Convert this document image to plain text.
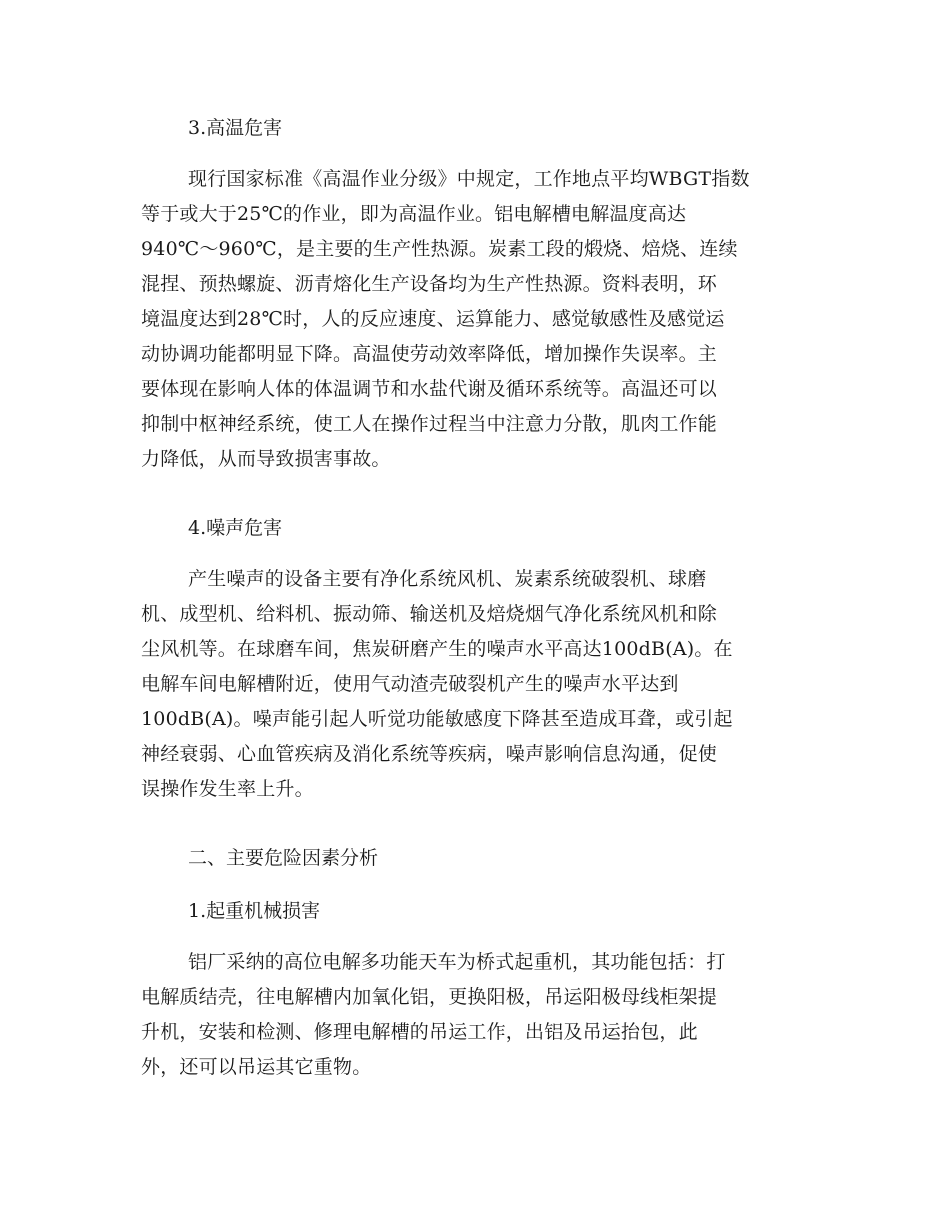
3.高温危害
现行国家标准《高温作业分级》中规定，工作地点平均WBGT指数
等于或大于25℃的作业，即为高温作业。铝电解槽电解温度高达
940℃～960℃，是主要的生产性热源。炭素工段的煅烧、焙烧、连续
混捏、预热螺旋、沥青熔化生产设备均为生产性热源。资料表明，环
境温度达到28℃时，人的反应速度、运算能力、感觉敏感性及感觉运
动协调功能都明显下降。高温使劳动效率降低，增加操作失误率。主
要体现在影响人体的体温调节和水盐代谢及循环系统等。高温还可以
抑制中枢神经系统，使工人在操作过程当中注意力分散，肌肉工作能
力降低，从而导致损害事故。
4.噪声危害
产生噪声的设备主要有净化系统风机、炭素系统破裂机、球磨
机、成型机、给料机、振动筛、输送机及焙烧烟气净化系统风机和除
尘风机等。在球磨车间，焦炭研磨产生的噪声水平高达100dB(A)。在
电解车间电解槽附近，使用气动渣壳破裂机产生的噪声水平达到
100dB(A)。噪声能引起人听觉功能敏感度下降甚至造成耳聋，或引起
神经衰弱、心血管疾病及消化系统等疾病，噪声影响信息沟通，促使
误操作发生率上升。
二、主要危险因素分析
1.起重机械损害
铝厂采纳的高位电解多功能天车为桥式起重机，其功能包括：打
电解质结壳，往电解槽内加氧化铝，更换阳极，吊运阳极母线柜架提
升机，安装和检测、修理电解槽的吊运工作，出铝及吊运抬包，此
外，还可以吊运其它重物。
